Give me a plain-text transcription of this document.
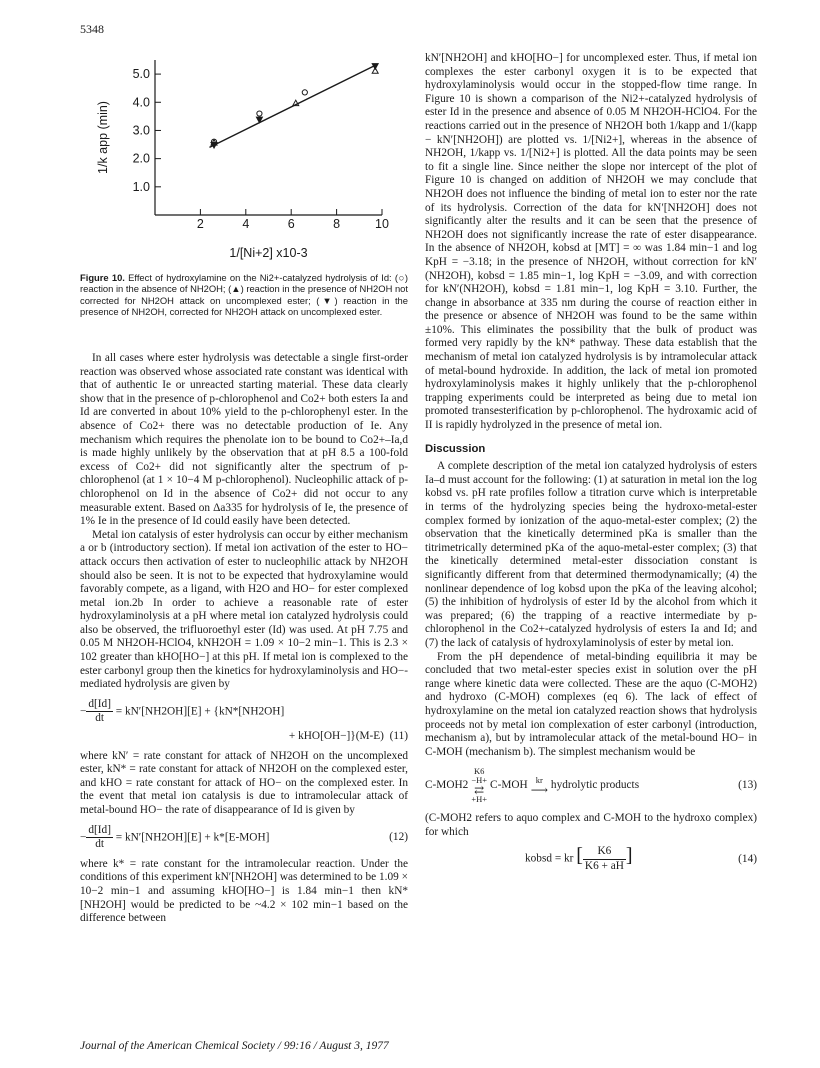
5348
1.0
2.0
3.0
4.0
5.0
2	4	6	8	10
1/k app (min)
1/[Ni+2] x10-3
Figure 10. Effect of hydroxylamine on the Ni2+-catalyzed hydrolysis of Id: (○) reaction in the absence of NH2OH; (▲) reaction in the presence of NH2OH not corrected for NH2OH attack on uncomplexed ester; (▼) reaction in the presence of NH2OH, corrected for NH2OH attack on uncomplexed ester.

In all cases where ester hydrolysis was detectable a single first-order reaction was observed whose associated rate constant was identical with that of authentic Ie or unreacted starting material. These data clearly show that in the presence of p-chlorophenol and Co2+ both esters Ia and Id are converted in about 10% yield to the p-chlorophenyl ester. In the absence of Co2+ there was no detectable production of Ie. Any mechanism which requires the phenolate ion to be bound to Co2+–Ia,d is made highly unlikely by the observation that at pH 8.5 a 100-fold excess of Co2+ did not significantly alter the spectrum of p-chlorophenol (at 1 × 10−4 M p-chlorophenol). Nucleophilic attack of p-chlorophenol on Id in the absence of Co2+ did not occur to any measurable extent. Based on Δa335 for hydrolysis of Ie, the presence of 1% Ie in the presence of Id could easily have been detected.

Metal ion catalysis of ester hydrolysis can occur by either mechanism a or b (introductory section). If metal ion activation of the ester to HO− attack occurs then activation of ester to nucleophilic attack by NH2OH should also be seen. It is not to be expected that hydroxylamine would favorably compete, as a ligand, with H2O and HO− for ester complexed metal ion.2b In order to achieve a reasonable rate of ester hydroxylaminolysis at a pH where metal ion catalyzed hydrolysis could also be observed, the trifluoroethyl ester (Id) was used. At pH 7.75 and 0.05 M NH2OH-HClO4, kNH2OH = 1.09 × 10−2 min−1. This is 2.3 × 102 greater than kHO[HO−] at this pH. If metal ion is complexed to the ester carbonyl group then the kinetics for hydroxylaminolysis and HO−-mediated hydrolysis are given by

− $\frac{d[Id]}{dt} = kN'[NH2OH][E] + \{kN*[NH2OH]$
+ kHO[OH−]}(M-E) (11)

where kN′ = rate constant for attack of NH2OH on the uncomplexed ester, kN* = rate constant for attack of NH2OH on the complexed ester, and kHO = rate constant for attack of HO− on the complexed ester. In the event that metal ion catalysis is due to intramolecular attack of metal-bound HO− the rate of disappearance of Id is given by

− $\frac{d[Id]}{dt} = kN'[NH2OH][E] + k*[E-MOH]$	(12)

where k* = rate constant for the intramolecular reaction. Under the conditions of this experiment kN′[NH2OH] was determined to be 1.09 × 10−2 min−1 and assuming kHO[HO−] is 1.84 min−1 then kN*[NH2OH] would be predicted to be ~4.2 × 102 min−1 based on the difference between

kN′[NH2OH] and kHO[HO−] for uncomplexed ester. Thus, if metal ion complexes the ester carbonyl oxygen it is to be expected that hydroxylaminolysis would occur in the stopped-flow time range. In Figure 10 is shown a comparison of the Ni2+-catalyzed hydrolysis of ester Id in the presence and absence of 0.05 M NH2OH-HClO4. For the reactions carried out in the presence of NH2OH both 1/kapp and 1/(kapp − kN′[NH2OH]) are plotted vs. 1/[Ni2+], whereas in the absence of NH2OH, 1/kapp vs. 1/[Ni2+] is plotted. All the data points may be seen to fit a single line. Since neither the slope nor intercept of the plot of Figure 10 is changed on addition of NH2OH we may conclude that NH2OH does not influence the binding of metal ion to ester nor the rate of its hydrolysis. Correction of the data for kN′[NH2OH] does not significantly alter the results and it can be seen that the presence of NH2OH does not significantly increase the rate of ester disappearance. In the absence of NH2OH, kobsd at [MT] = ∞ was 1.84 min−1 and log KpH = −3.18; in the presence of NH2OH, without correction for kN′(NH2OH), kobsd = 1.85 min−1, log KpH = −3.09, and with correction for kN′(NH2OH), kobsd = 1.81 min−1, log KpH = 3.10. Further, the change in absorbance at 335 nm during the course of reaction either in the presence or absence of NH2OH was found to be the same within ±10%. This eliminates the possibility that the bulk of product was formed very rapidly by the kN* pathway. These data establish that the mechanism of metal ion catalyzed hydrolysis is by intramolecular attack of metal-bound hydroxide. In addition, the lack of metal ion promoted hydroxylaminolysis makes it highly unlikely that the p-chlorophenol trapping experiments could be interpreted as being due to metal ion promoted transesterification by p-chlorophenol. The hydroxamic acid of II is rapidly hydrolyzed in the presence of metal ion.

Discussion

A complete description of the metal ion catalyzed hydrolysis of esters Ia–d must account for the following: (1) at saturation in metal ion the log kobsd vs. pH rate profiles follow a titration curve which is interpretable in terms of the hydrolyzing species being the hydroxo-metal-ester complex formed by ionization of the aquo-metal-ester complex; (2) the observation that the kinetically determined pKa is smaller than the titrimetrically determined pKa of the aquo-metal-ester complex; (3) that the kinetically determined metal-ester dissociation constant is significantly different from that determined thermodynamically; (4) the nonlinear dependence of log kobsd upon the pKa of the leaving alcohol; (5) the inhibition of hydrolysis of ester Id by the alcohol from which it was prepared; (6) the trapping of a reactive intermediate by p-chlorophenol in the Co2+-catalyzed hydrolysis of esters Ia and Id; and (7) the lack of catalysis of hydroxylaminolysis of ester by metal ion.

From the pH dependence of metal-binding equilibria it may be concluded that two metal-ester species exist in solution over the pH range where kinetic data were collected. These are the aquo (C-MOH2) and hydroxo (C-MOH) complexes (eq 6). The lack of effect of hydroxylamine on the metal ion catalyzed reaction shows that hydrolysis proceeds not by metal ion complexation of ester carbonyl (introduction, mechanism a), but by intramolecular attack of the metal-bound HO− in C-MOH (mechanism b). The simplest mechanism would be

C-MOH2
K6
−H+
⇄
+H+
C-MOH kr
⟶ hydrolytic products	(13)

(C-MOH2 refers to aquo complex and C-MOH to the hydroxo complex) for which

kobsd = kr [ $\frac{K6}{K6 + aH}$ ]	(14)
Journal of the American Chemical Society / 99:16 / August 3, 1977
